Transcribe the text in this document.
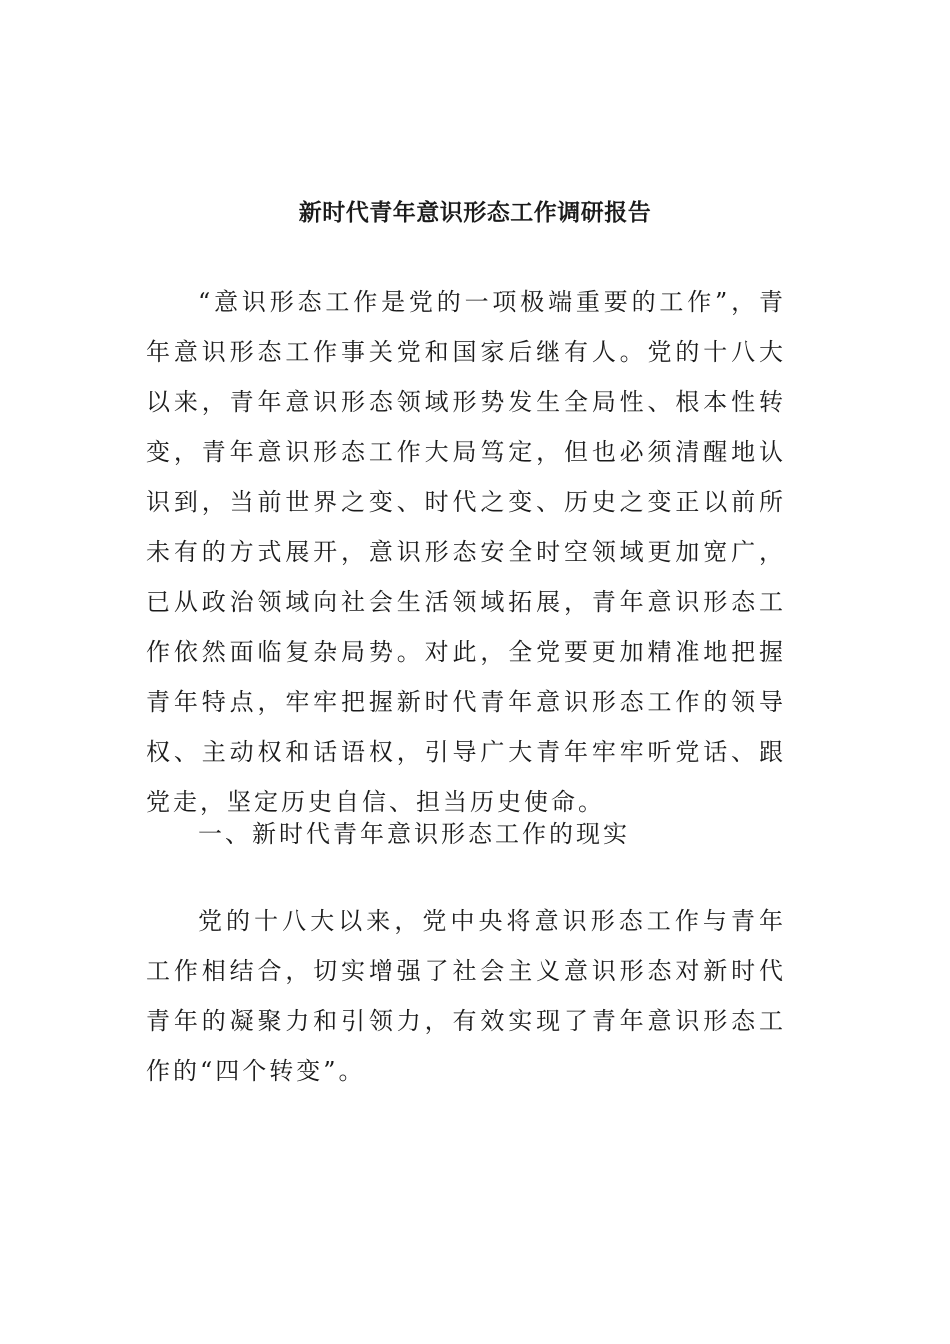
新时代青年意识形态工作调研报告

“意识形态工作是党的一项极端重要的工作”，青年意识形态工作事关党和国家后继有人。党的十八大以来，青年意识形态领域形势发生全局性、根本性转变，青年意识形态工作大局笃定，但也必须清醒地认识到，当前世界之变、时代之变、历史之变正以前所未有的方式展开，意识形态安全时空领域更加宽广，已从政治领域向社会生活领域拓展，青年意识形态工作依然面临复杂局势。对此，全党要更加精准地把握青年特点，牢牢把握新时代青年意识形态工作的领导权、主动权和话语权，引导广大青年牢牢听党话、跟党走，坚定历史自信、担当历史使命。

一、新时代青年意识形态工作的现实

党的十八大以来，党中央将意识形态工作与青年工作相结合，切实增强了社会主义意识形态对新时代青年的凝聚力和引领力，有效实现了青年意识形态工作的“四个转变”。
